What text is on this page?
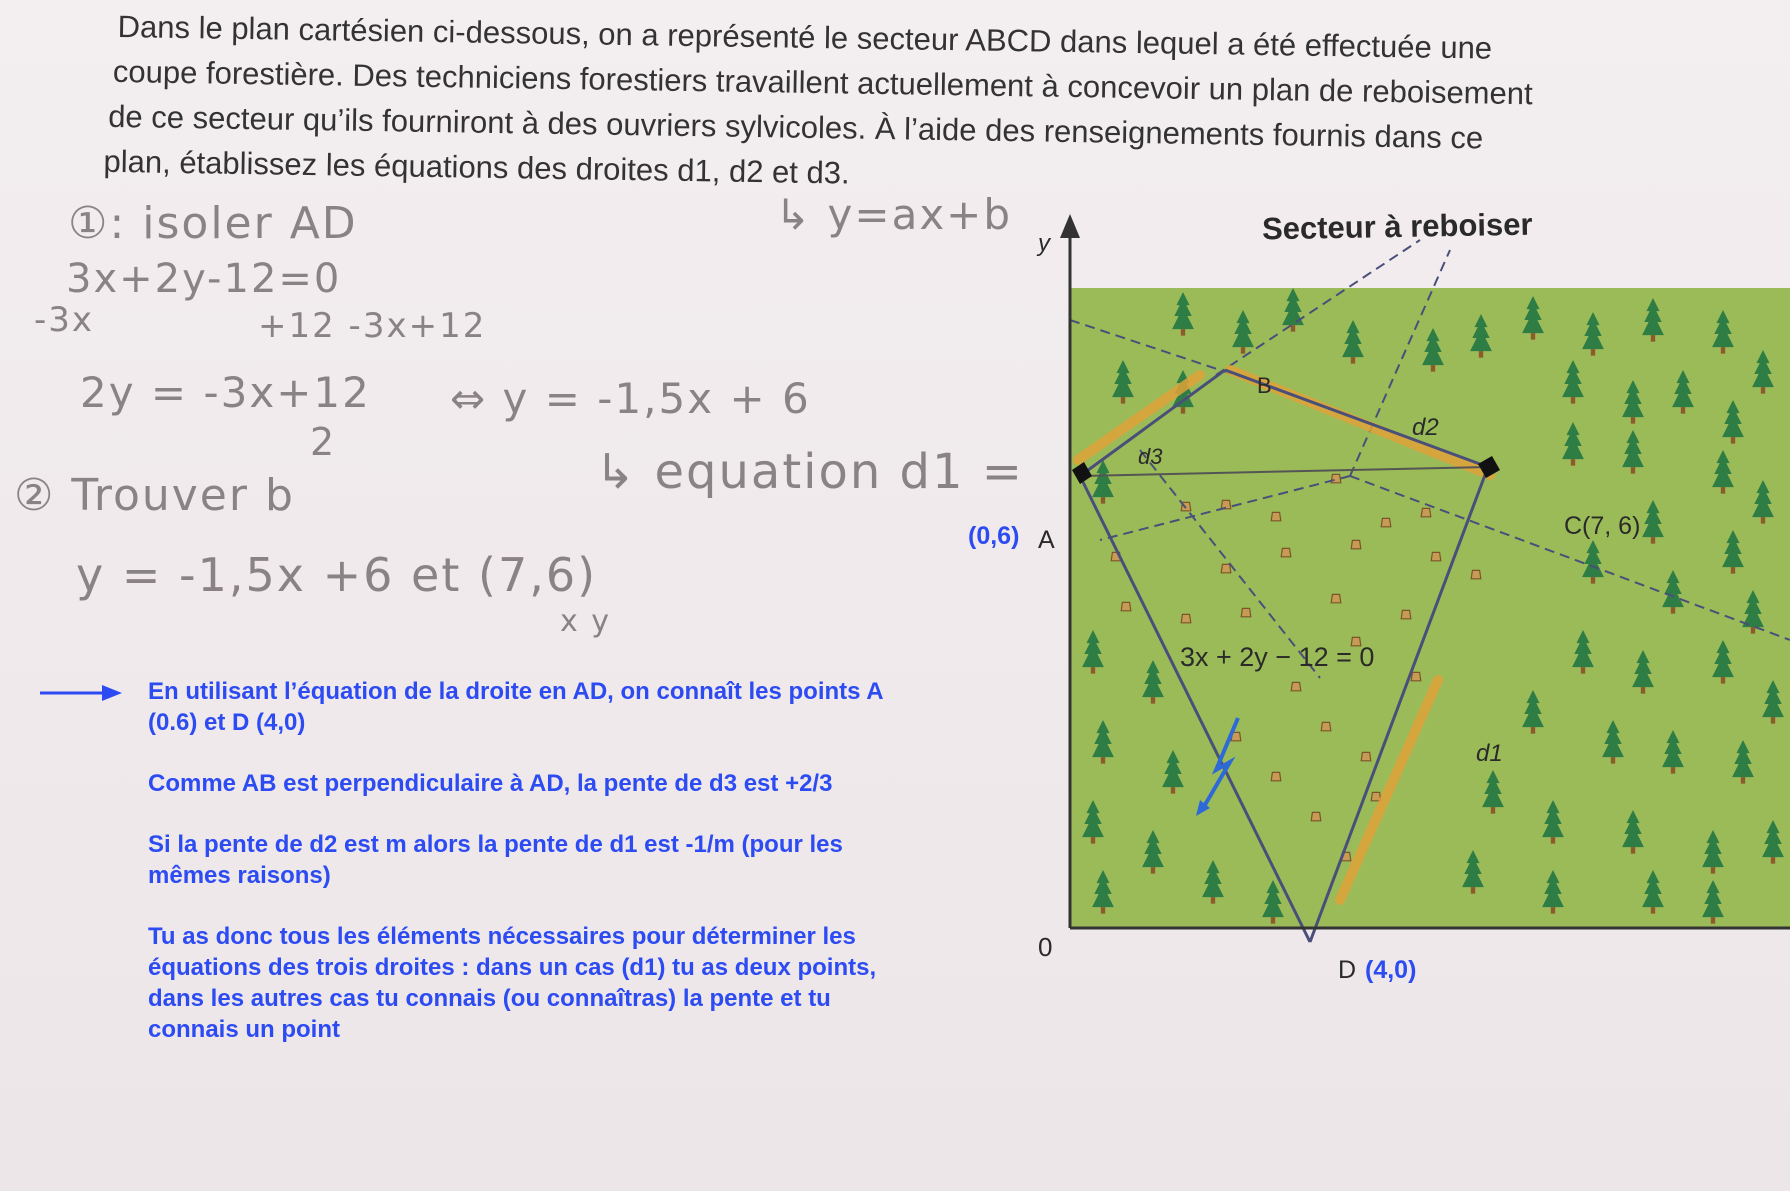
Dans le plan cartésien ci-dessous, on a représenté le secteur ABCD dans lequel a été effectuée une
coupe forestière. Des techniciens forestiers travaillent actuellement à concevoir un plan de reboisement
de ce secteur qu’ils fourniront à des ouvriers sylvicoles. À l’aide des renseignements fournis dans ce
plan, établissez les équations des droites d1, d2 et d3.
①: isoler AD	↳ y=ax+b
3x+2y-12=0
-3x	+12 -3x+12
2y = -3x+12
2
⇔ y = -1,5x + 6
↳ equation d1 =
② Trouver b
y = -1,5x +6 et (7,6)
x y

En utilisant l’équation de la droite en AD, on connaît les points A (0.6) et D (4,0)

Comme AB est perpendiculaire à AD, la pente de d3 est +2/3

Si la pente de d2 est m alors la pente de d1 est -1/m (pour les mêmes raisons)

Tu as donc tous les éléments nécessaires pour déterminer les équations des trois droites : dans un cas (d1) tu as deux points, dans les autres cas tu connais (ou connaîtras) la pente et tu connais un point

Secteur à reboiser
y
0
(0,6) A
B
C(7, 6)
D (4,0)
3x + 2y − 12 = 0
d1
d2
d3
